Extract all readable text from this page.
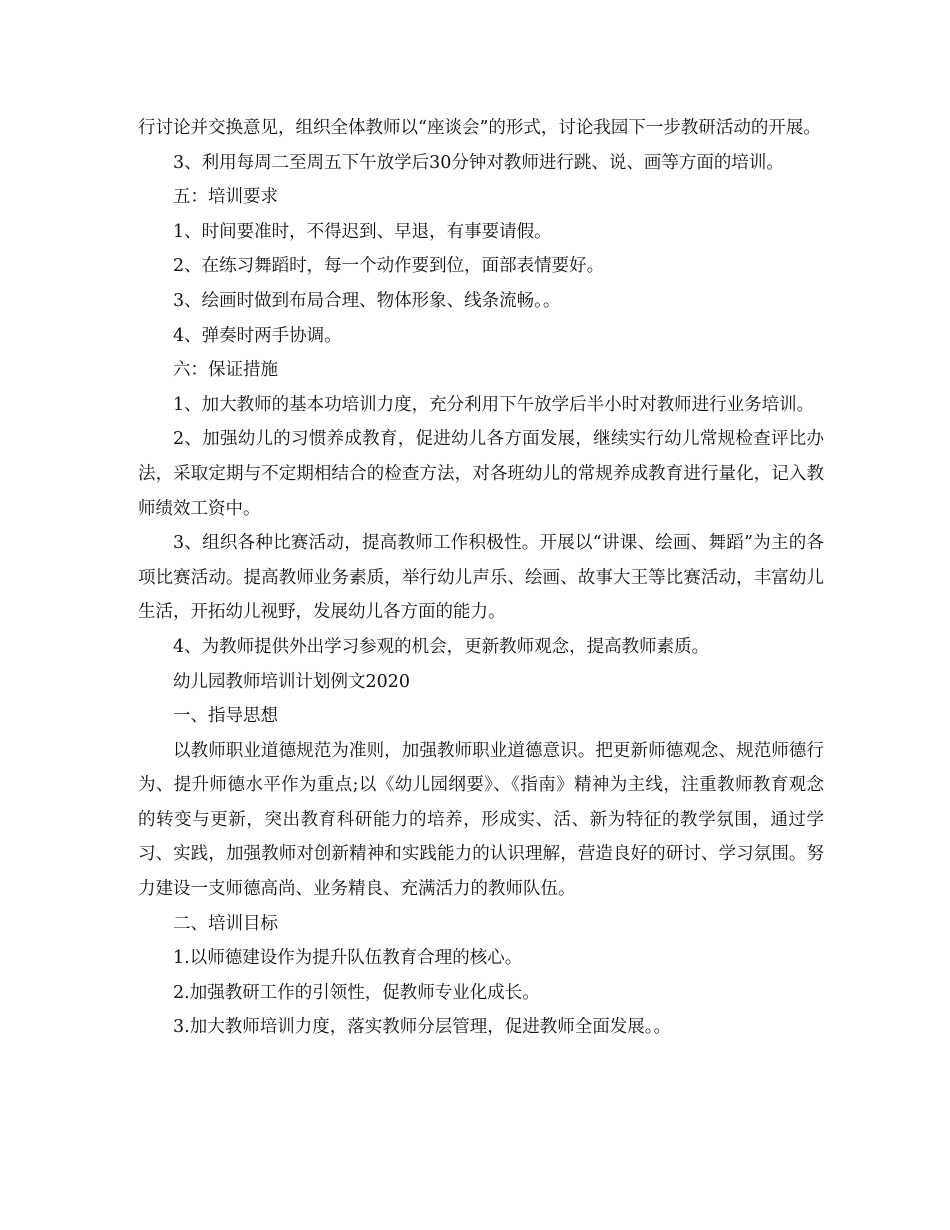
行讨论并交换意见，组织全体教师以“座谈会”的形式，讨论我园下一步教研活动的开展。

3、利用每周二至周五下午放学后30分钟对教师进行跳、说、画等方面的培训。

五：培训要求

1、时间要准时，不得迟到、早退，有事要请假。

2、在练习舞蹈时，每一个动作要到位，面部表情要好。

3、绘画时做到布局合理、物体形象、线条流畅。。

4、弹奏时两手协调。

六：保证措施

1、加大教师的基本功培训力度，充分利用下午放学后半小时对教师进行业务培训。

2、加强幼儿的习惯养成教育，促进幼儿各方面发展，继续实行幼儿常规检查评比办法，采取定期与不定期相结合的检查方法，对各班幼儿的常规养成教育进行量化，记入教师绩效工资中。

3、组织各种比赛活动，提高教师工作积极性。开展以“讲课、绘画、舞蹈”为主的各项比赛活动。提高教师业务素质，举行幼儿声乐、绘画、故事大王等比赛活动，丰富幼儿生活，开拓幼儿视野，发展幼儿各方面的能力。

4、为教师提供外出学习参观的机会，更新教师观念，提高教师素质。

幼儿园教师培训计划例文2020

一、指导思想

以教师职业道德规范为准则，加强教师职业道德意识。把更新师德观念、规范师德行为、提升师德水平作为重点;以《幼儿园纲要》、《指南》精神为主线，注重教师教育观念的转变与更新，突出教育科研能力的培养，形成实、活、新为特征的教学氛围，通过学习、实践，加强教师对创新精神和实践能力的认识理解，营造良好的研讨、学习氛围。努力建设一支师德高尚、业务精良、充满活力的教师队伍。

二、培训目标

1.以师德建设作为提升队伍教育合理的核心。

2.加强教研工作的引领性，促教师专业化成长。

3.加大教师培训力度，落实教师分层管理，促进教师全面发展。。
